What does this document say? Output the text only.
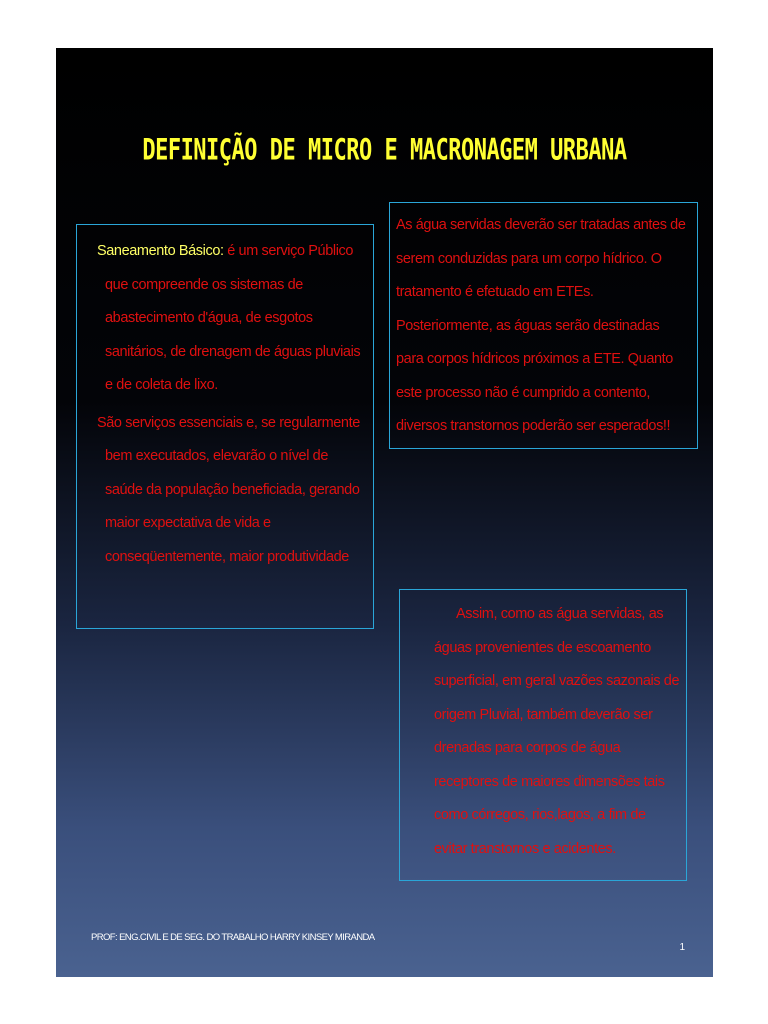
DEFINIÇÃO DE MICRO E MACRONAGEM URBANA

Saneamento Básico: é um serviço Público que compreende os sistemas de abastecimento d'água, de esgotos sanitários, de drenagem de águas pluviais e de coleta de lixo.

São serviços essenciais e, se regularmente bem executados, elevarão o nível de saúde da população beneficiada, gerando maior expectativa de vida e conseqüentemente, maior produtividade

As água servidas deverão ser tratadas antes de serem conduzidas para um corpo hídrico. O tratamento é efetuado em ETEs. Posteriormente, as águas serão destinadas para corpos hídricos próximos a ETE. Quanto este processo não é cumprido a contento, diversos transtornos poderão ser esperados!!

Assim, como as água servidas, as águas provenientes de escoamento superficial, em geral vazões sazonais de origem Pluvial, também deverão ser drenadas para corpos de água receptores de maiores dimensões tais como córregos, rios,lagos, a fim de evitar transtornos e acidentes.

PROF: ENG.CIVIL E DE SEG. DO TRABALHO HARRY KINSEY MIRANDA
1
